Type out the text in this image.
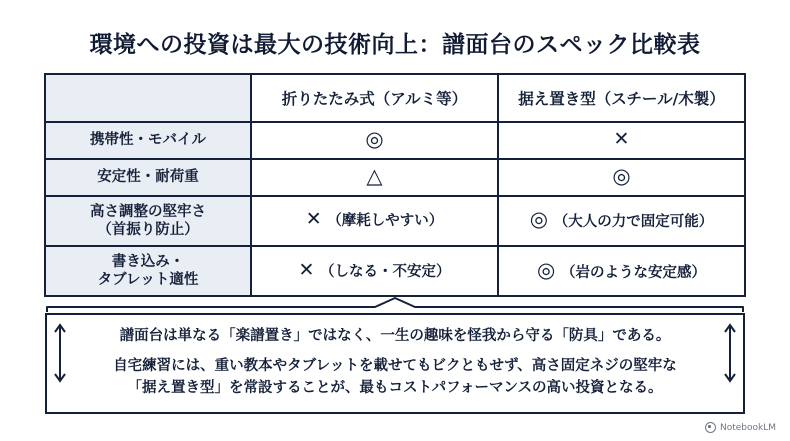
環境への投資は最大の技術向上：譜面台のスペック比較表
	折りたたみ式（アルミ等）	据え置き型（スチール/木製）
携帯性・モバイル	◎	✕
安定性・耐荷重	△	◎

高さ調整の堅牢さ
（首振り防止）	✕ （摩耗しやすい）	◎ （大人の力で固定可能）

書き込み・
タブレット適性	✕ （しなる・不安定）	◎ （岩のような安定感）
譜面台は単なる「楽譜置き」ではなく、一生の趣味を怪我から守る「防具」である。
自宅練習には、重い教本やタブレットを載せてもビクともせず、高さ固定ネジの堅牢な
「据え置き型」を常設することが、最もコストパフォーマンスの高い投資となる。
NotebookLM
